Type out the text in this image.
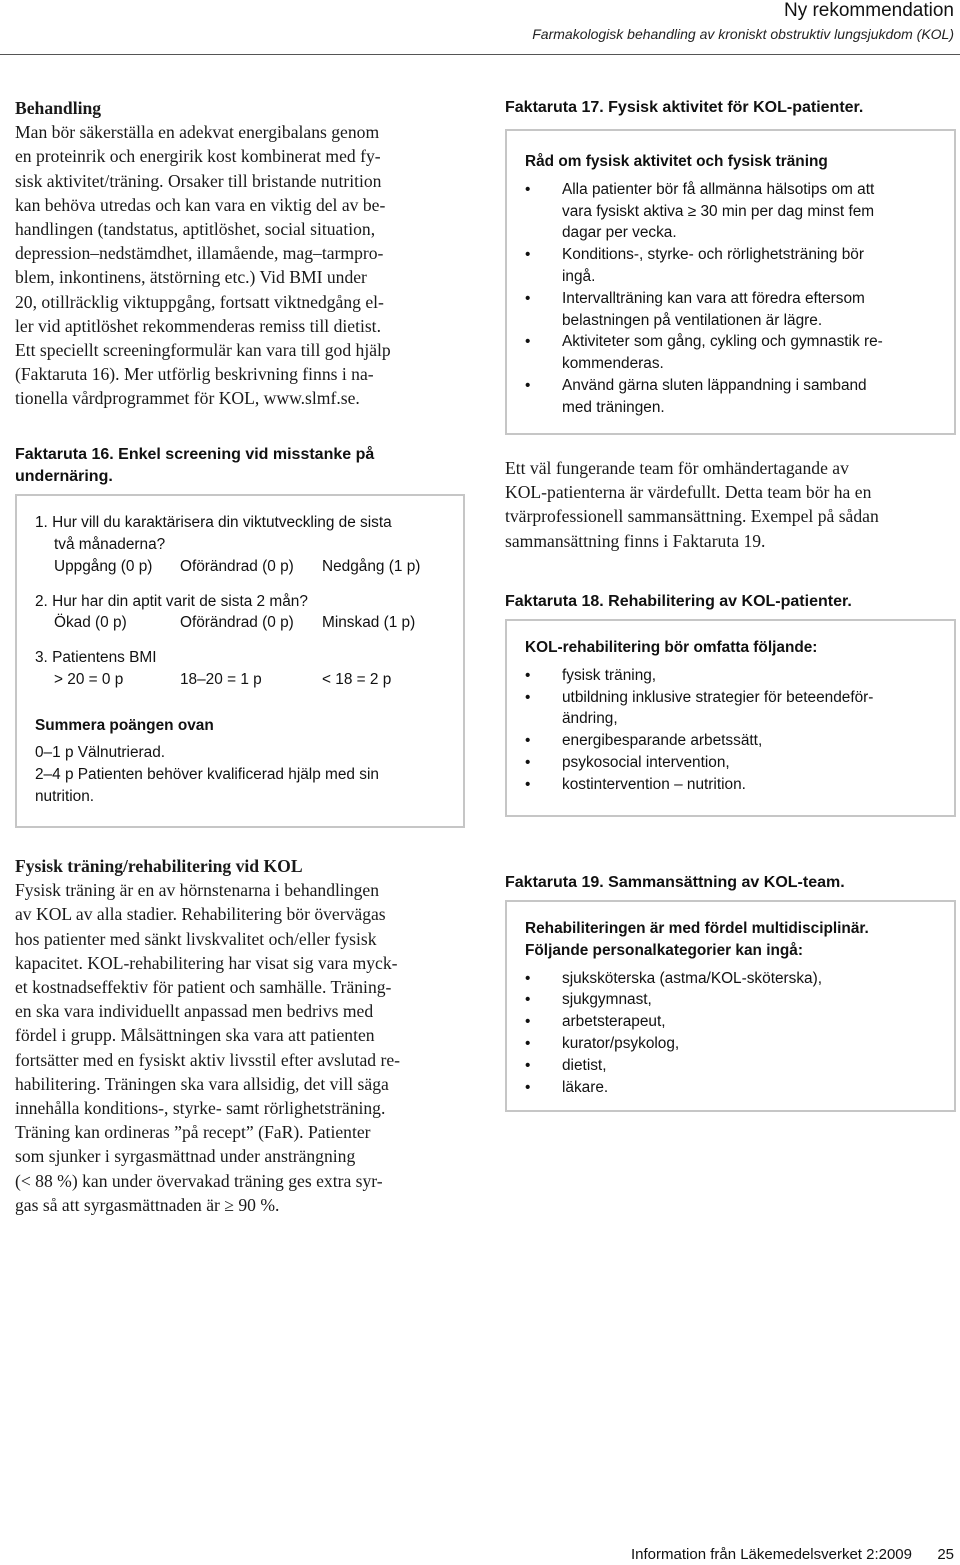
Ny rekommendation
Farmakologisk behandling av kroniskt obstruktiv lungsjukdom (KOL)

Behandling

Man bör säkerställa en adekvat energibalans genom

en proteinrik och energirik kost kombinerat med fy-

sisk aktivitet/träning. Orsaker till bristande nutrition

kan behöva utredas och kan vara en viktig del av be-

handlingen (tandstatus, aptitlöshet, social situation,

depression–nedstämdhet, illamående, mag–tarmpro-

blem, inkontinens, ätstörning etc.) Vid BMI under

20, otillräcklig viktuppgång, fortsatt viktnedgång el-

ler vid aptitlöshet rekommenderas remiss till dietist.

Ett speciellt screeningformulär kan vara till god hjälp

(Faktaruta 16). Mer utförlig beskrivning finns i na-

tionella vårdprogrammet för KOL, www.slmf.se.

Faktaruta 16. Enkel screening vid misstanke på
undernäring.
1. Hur vill du karaktärisera din viktutveckling de sista
två månaderna?
Uppgång (0 p) Oförändrad (0 p) Nedgång (1 p)
2. Hur har din aptit varit de sista 2 mån?
Ökad (0 p)	Oförändrad (0 p) Minskad (1 p)
3. Patientens BMI
> 20 = 0 p	18–20 = 1 p	< 18 = 2 p
Summera poängen ovan
0–1 p Välnutrierad.
2–4 p Patienten behöver kvalificerad hjälp med sin
nutrition.

Fysisk träning/rehabilitering vid KOL

Fysisk träning är en av hörnstenarna i behandlingen

av KOL av alla stadier. Rehabilitering bör övervägas

hos patienter med sänkt livskvalitet och/eller fysisk

kapacitet. KOL-rehabilitering har visat sig vara myck-

et kostnadseffektiv för patient och samhälle. Träning-

en ska vara individuellt anpassad men bedrivs med

fördel i grupp. Målsättningen ska vara att patienten

fortsätter med en fysiskt aktiv livsstil efter avslutad re-

habilitering. Träningen ska vara allsidig, det vill säga

innehålla konditions-, styrke- samt rörlighetsträning.

Träning kan ordineras ”på recept” (FaR). Patienter

som sjunker i syrgasmättnad under ansträngning

(< 88 %) kan under övervakad träning ges extra syr-

gas så att syrgasmättnaden är ≥ 90 %.

Faktaruta 17. Fysisk aktivitet för KOL-patienter.
Råd om fysisk aktivitet och fysisk träning
• Alla patienter bör få allmänna hälsotips om att
vara fysiskt aktiva ≥ 30 min per dag minst fem
dagar per vecka.
• Konditions-, styrke- och rörlighetsträning bör
ingå.
• Intervallträning kan vara att föredra eftersom
belastningen på ventilationen är lägre.
• Aktiviteter som gång, cykling och gymnastik re-
kommenderas.
• Använd gärna sluten läppandning i samband
med träningen.

Ett väl fungerande team för omhändertagande av

KOL-patienterna är värdefullt. Detta team bör ha en

tvärprofessionell sammansättning. Exempel på sådan

sammansättning finns i Faktaruta 19.

Faktaruta 18. Rehabilitering av KOL-patienter.
KOL-rehabilitering bör omfatta följande:
• fysisk träning,
• utbildning inklusive strategier för beteendeför-
ändring,
• energibesparande arbetssätt,
• psykosocial intervention,
• kostintervention – nutrition.
Faktaruta 19. Sammansättning av KOL-team.
Rehabiliteringen är med fördel multidisciplinär.
Följande personalkategorier kan ingå:
• sjuksköterska (astma/KOL-sköterska),
• sjukgymnast,
• arbetsterapeut,
• kurator/psykolog,
• dietist,
• läkare.
Information från Läkemedelsverket 2:2009 25
